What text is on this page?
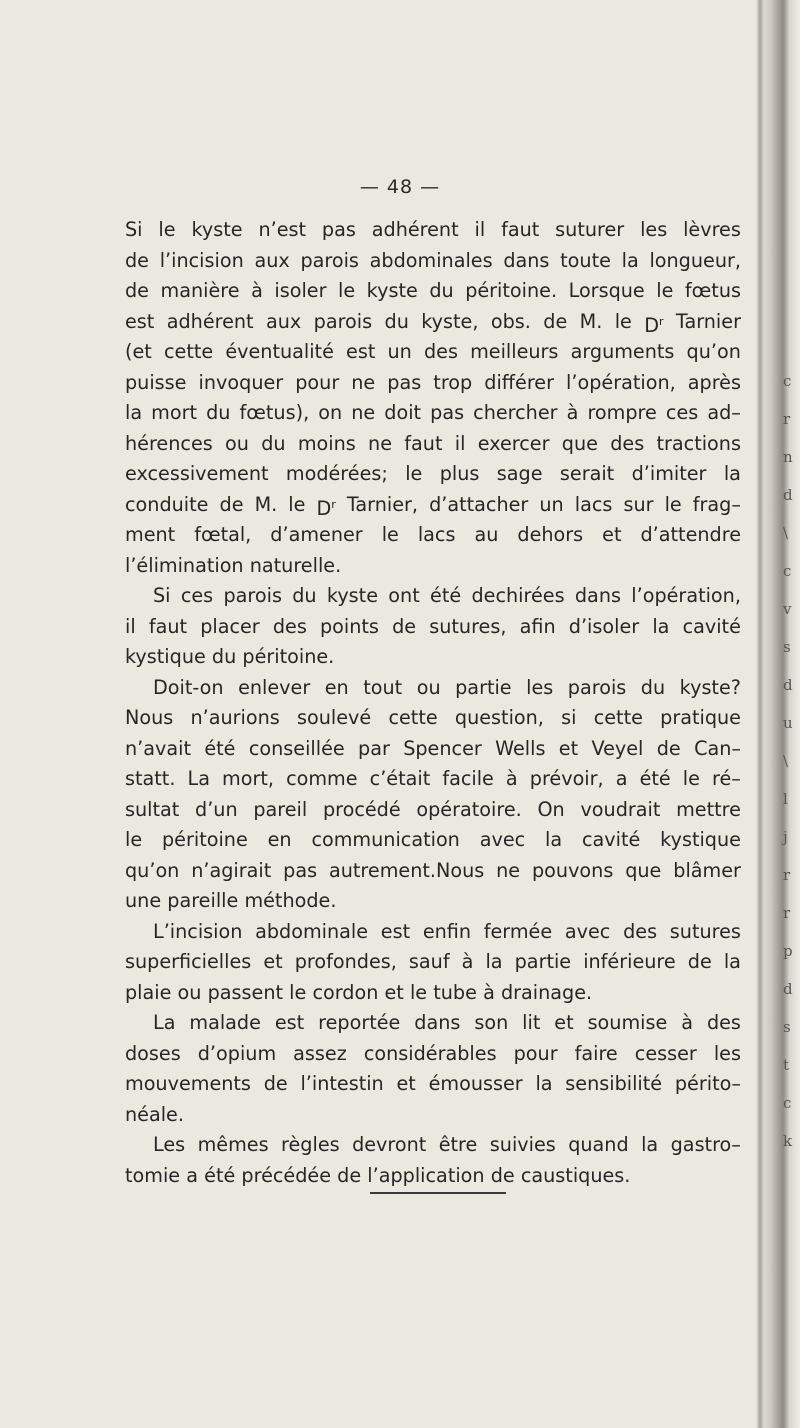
— 48 —
Si le kyste n’est pas adhérent il faut suturer les lèvres
de l’incision aux parois abdominales dans toute la longueur,
de manière à isoler le kyste du péritoine. Lorsque le fœtus
est adhérent aux parois du kyste, obs. de M. le $D^r$ Tarnier
(et cette éventualité est un des meilleurs arguments qu’on
puisse invoquer pour ne pas trop différer l’opération, après
la mort du fœtus), on ne doit pas chercher à rompre ces ad–
hérences ou du moins ne faut il exercer que des tractions
excessivement modérées; le plus sage serait d’imiter la
conduite de M. le $D^r$ Tarnier, d’attacher un lacs sur le frag–
ment fœtal, d’amener le lacs au dehors et d’attendre
l’élimination naturelle.
Si ces parois du kyste ont été dechirées dans l’opération,
il faut placer des points de sutures, afin d’isoler la cavité
kystique du péritoine.
Doit-on enlever en tout ou partie les parois du kyste?
Nous n’aurions soulevé cette question, si cette pratique
n’avait été conseillée par Spencer Wells et Veyel de Can–
statt. La mort, comme c’était facile à prévoir, a été le ré–
sultat d’un pareil procédé opératoire. On voudrait mettre
le péritoine en communication avec la cavité kystique
qu’on n’agirait pas autrement.Nous ne pouvons que blâmer
une pareille méthode.
L’incision abdominale est enfin fermée avec des sutures
superficielles et profondes, sauf à la partie inférieure de la
plaie ou passent le cordon et le tube à drainage.
La malade est reportée dans son lit et soumise à des
doses d’opium assez considérables pour faire cesser les
mouvements de l’intestin et émousser la sensibilité périto–
néale.
Les mêmes règles devront être suivies quand la gastro–
tomie a été précédée de l’application de caustiques.
c
r
n
d
\
c
v
s
d
u
\
l
j
r
r
p
d
s
t
c
k
